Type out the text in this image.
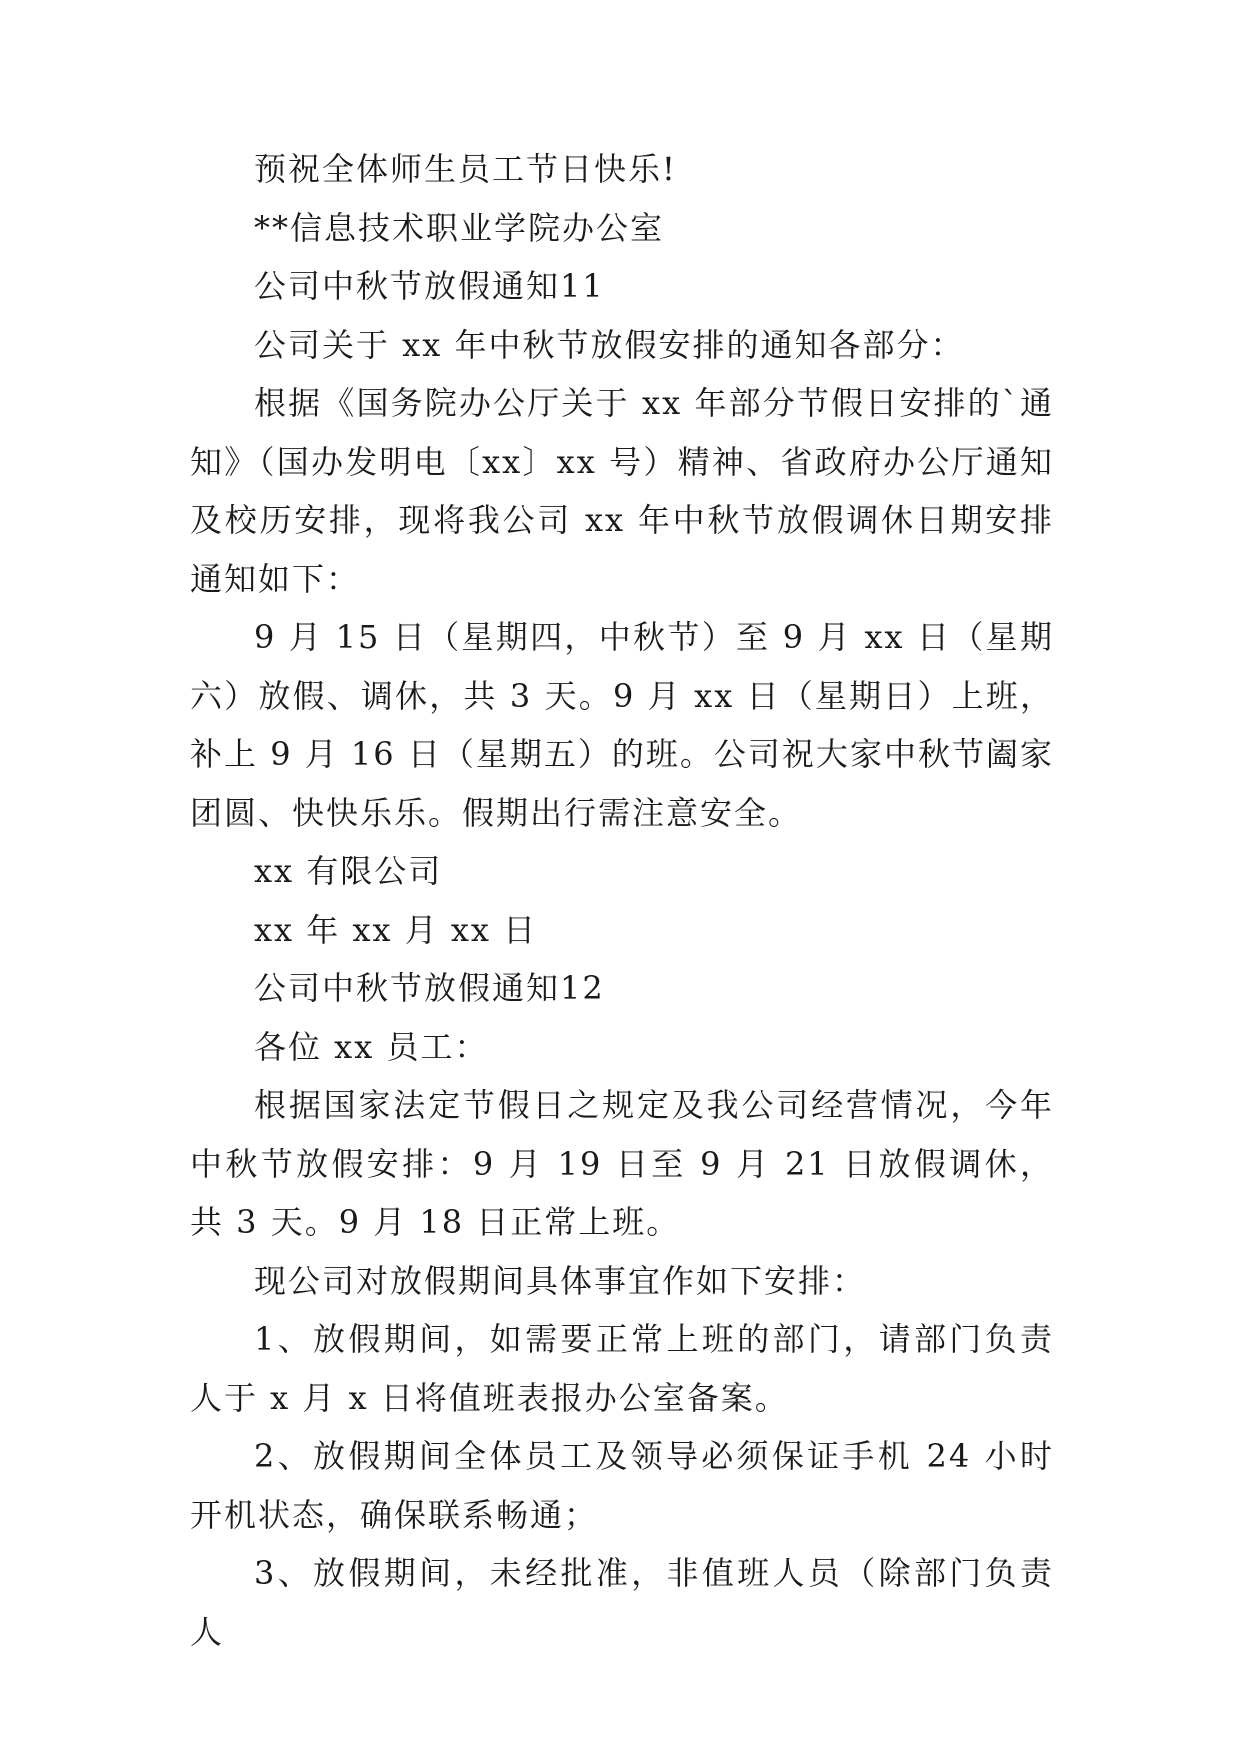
预祝全体师生员工节日快乐!

**信息技术职业学院办公室

公司中秋节放假通知11

公司关于 xx 年中秋节放假安排的通知各部分：

根据《国务院办公厅关于 xx 年部分节假日安排的`通知》（国办发明电〔xx〕xx 号）精神、省政府办公厅通知及校历安排，现将我公司 xx 年中秋节放假调休日期安排通知如下：

9 月 15 日（星期四，中秋节）至 9 月 xx 日（星期六）放假、调休，共 3 天。9 月 xx 日（星期日）上班，补上 9 月 16 日（星期五）的班。公司祝大家中秋节阖家团圆、快快乐乐。假期出行需注意安全。

xx 有限公司

xx 年 xx 月 xx 日

公司中秋节放假通知12

各位 xx 员工：

根据国家法定节假日之规定及我公司经营情况，今年中秋节放假安排：9 月 19 日至 9 月 21 日放假调休，共 3 天。9 月 18 日正常上班。

现公司对放假期间具体事宜作如下安排：

1、放假期间，如需要正常上班的部门，请部门负责人于 x 月 x 日将值班表报办公室备案。

2、放假期间全体员工及领导必须保证手机 24 小时开机状态，确保联系畅通；

3、放假期间，未经批准，非值班人员（除部门负责人
